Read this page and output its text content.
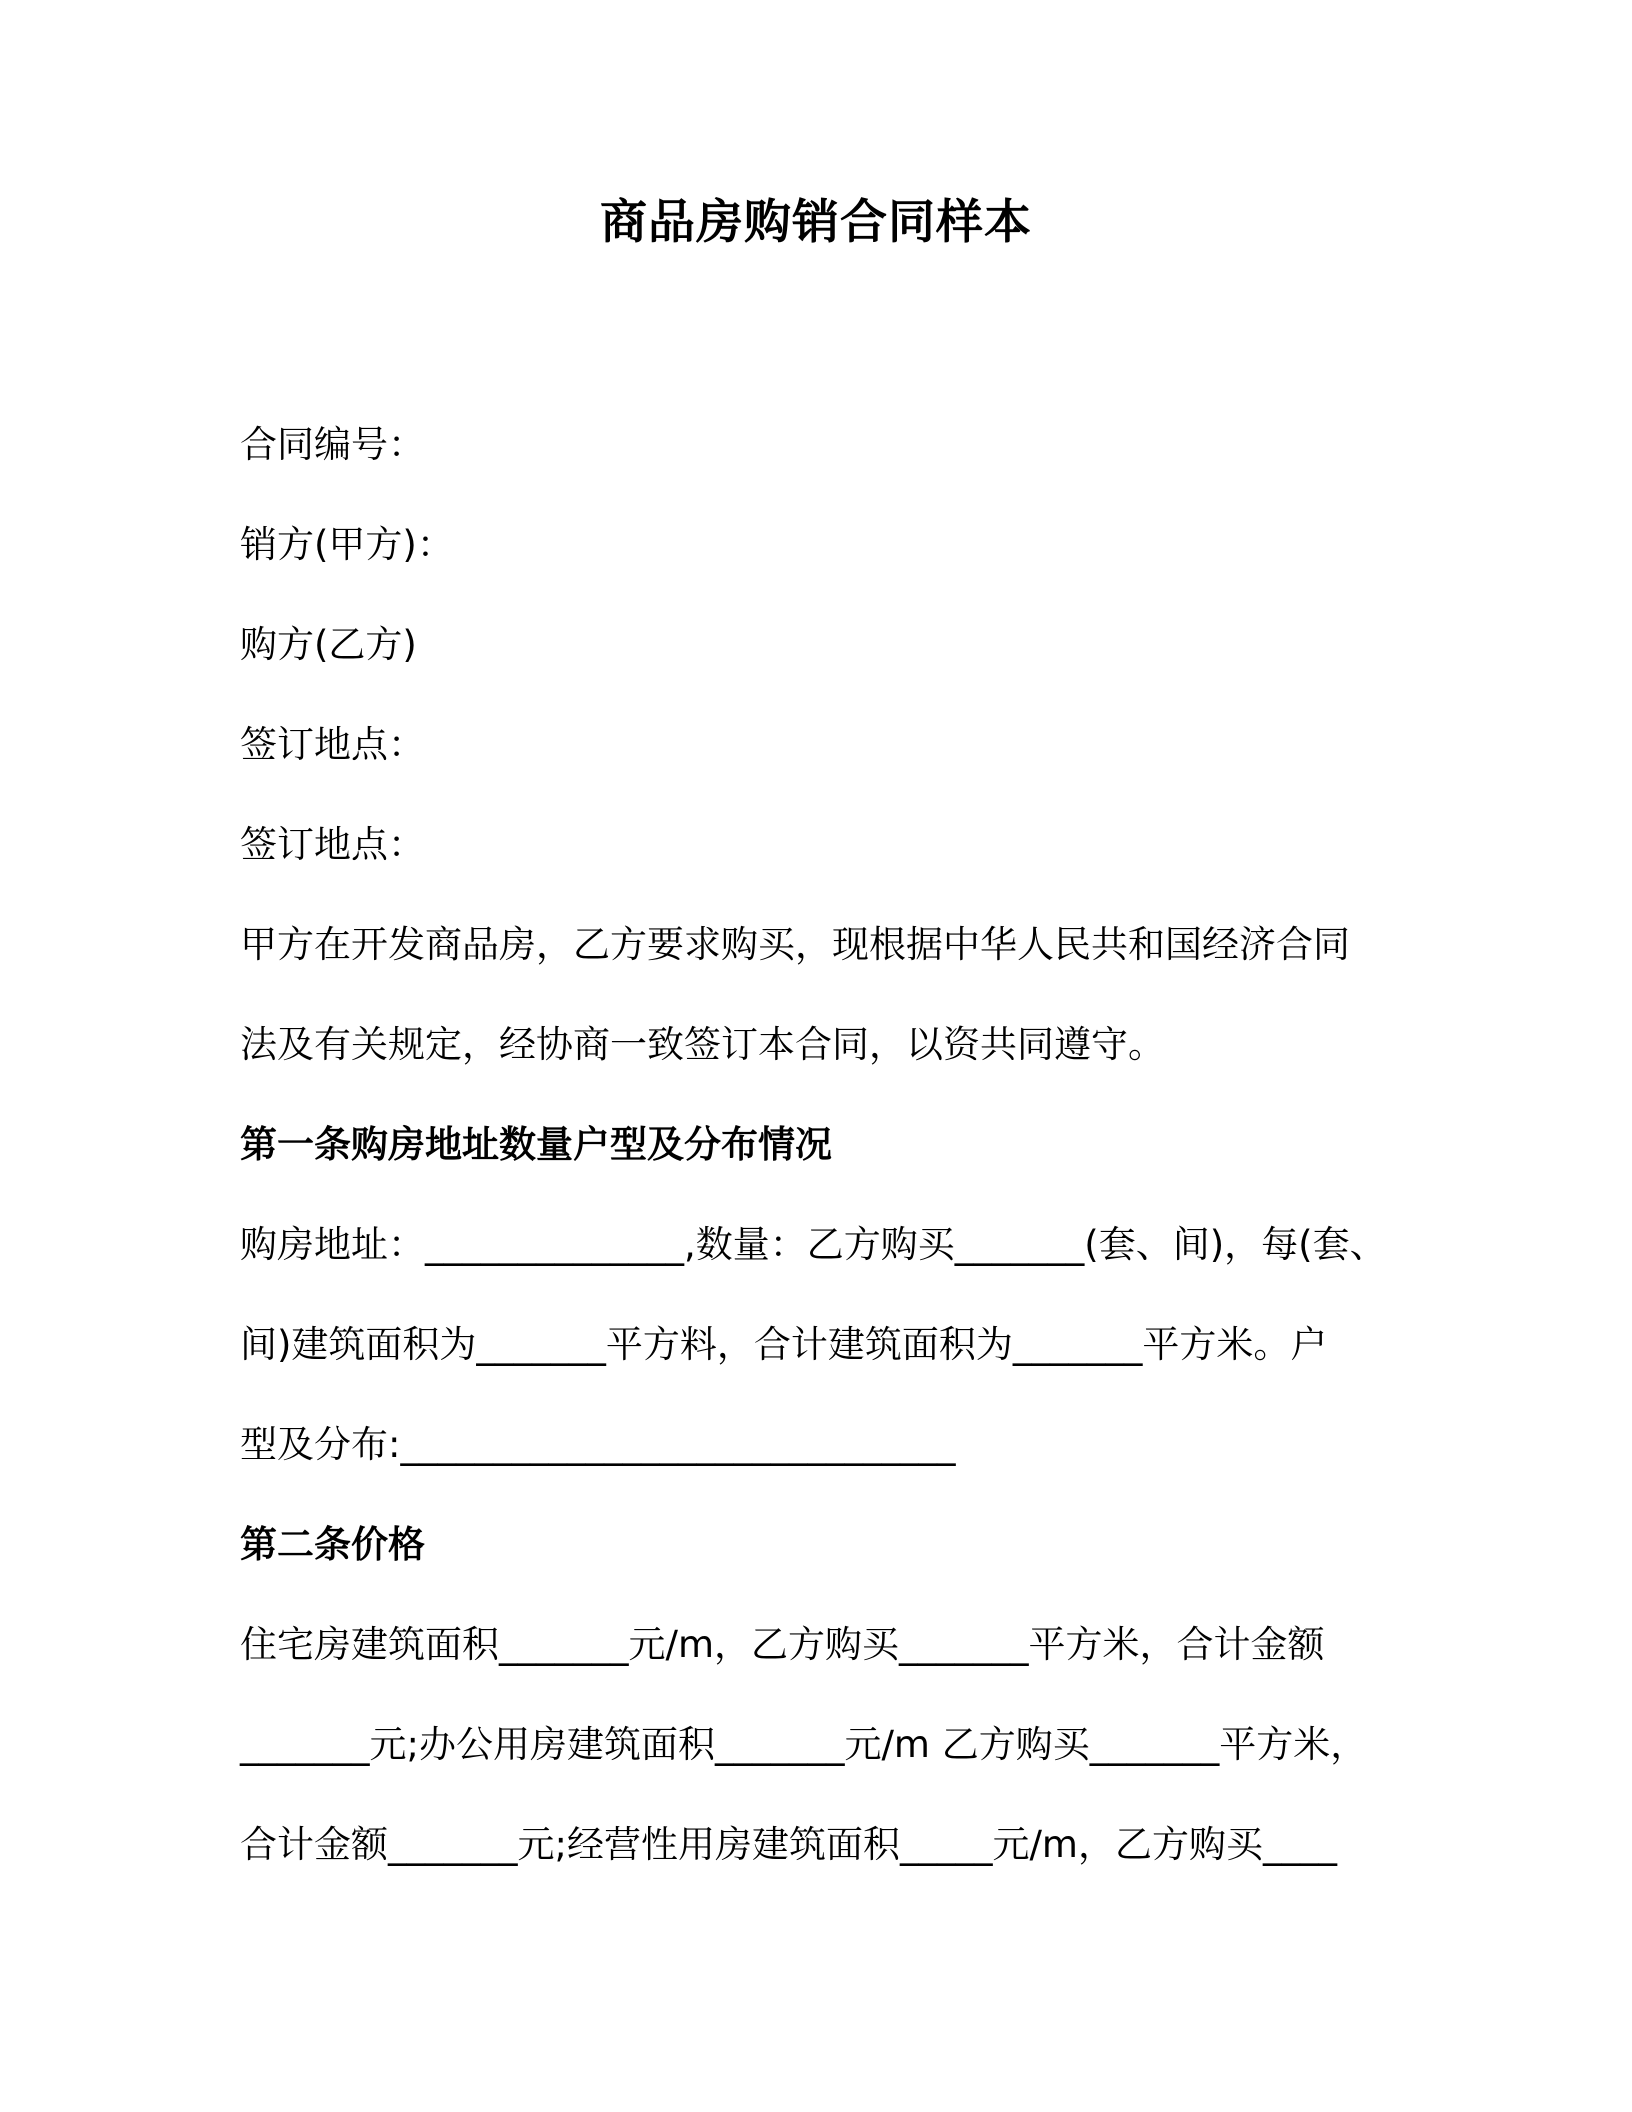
商品房购销合同样本
合同编号：
销方(甲方)：
购方(乙方)
签订地点：
签订地点：
甲方在开发商品房，乙方要求购买，现根据中华人民共和国经济合同
法及有关规定，经协商一致签订本合同，以资共同遵守。
第一条购房地址数量户型及分布情况
购房地址：______________,数量：乙方购买_______(套、间)，每(套、
间)建筑面积为_______平方料，合计建筑面积为_______平方米。户
型及分布:______________________________
第二条价格
住宅房建筑面积_______元/m，乙方购买_______平方米，合计金额
_______元;办公用房建筑面积_______元/m 乙方购买_______平方米，
合计金额_______元;经营性用房建筑面积_____元/m，乙方购买____
